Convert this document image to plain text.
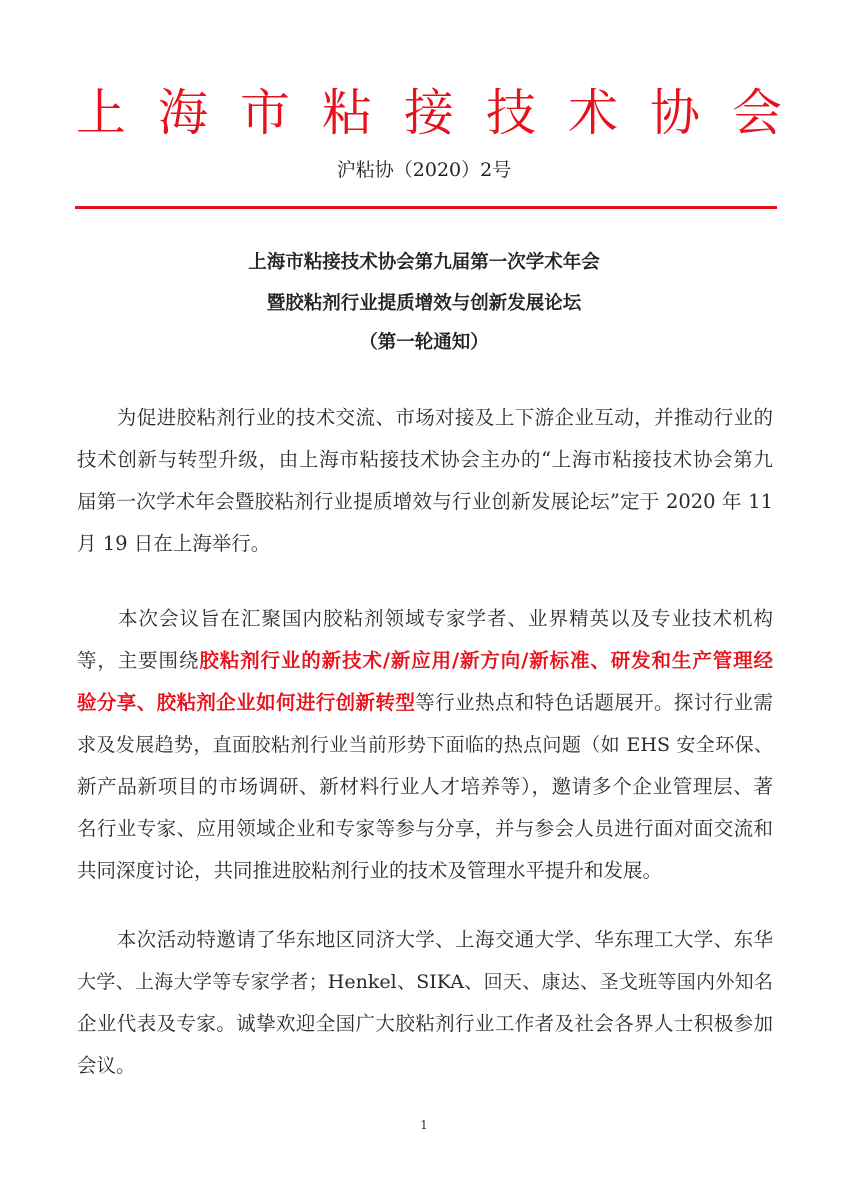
上 海 市 粘 接 技 术 协 会
沪粘协（2020）2号
上海市粘接技术协会第九届第一次学术年会
暨胶粘剂行业提质增效与创新发展论坛
（第一轮通知）
　　为促进胶粘剂行业的技术交流、市场对接及上下游企业互动，并推动行业的
技术创新与转型升级，由上海市粘接技术协会主办的“上海市粘接技术协会第九
届第一次学术年会暨胶粘剂行业提质增效与行业创新发展论坛”定于 2020 年 11
月 19 日在上海举行。
　　本次会议旨在汇聚国内胶粘剂领域专家学者、业界精英以及专业技术机构
等，主要围绕胶粘剂行业的新技术/新应用/新方向/新标准、研发和生产管理经
验分享、胶粘剂企业如何进行创新转型等行业热点和特色话题展开。探讨行业需
求及发展趋势，直面胶粘剂行业当前形势下面临的热点问题（如 EHS 安全环保、
新产品新项目的市场调研、新材料行业人才培养等），邀请多个企业管理层、著
名行业专家、应用领域企业和专家等参与分享，并与参会人员进行面对面交流和
共同深度讨论，共同推进胶粘剂行业的技术及管理水平提升和发展。
　　本次活动特邀请了华东地区同济大学、上海交通大学、华东理工大学、东华
大学、上海大学等专家学者；Henkel、SIKA、回天、康达、圣戈班等国内外知名
企业代表及专家。诚挚欢迎全国广大胶粘剂行业工作者及社会各界人士积极参加
会议。
1
